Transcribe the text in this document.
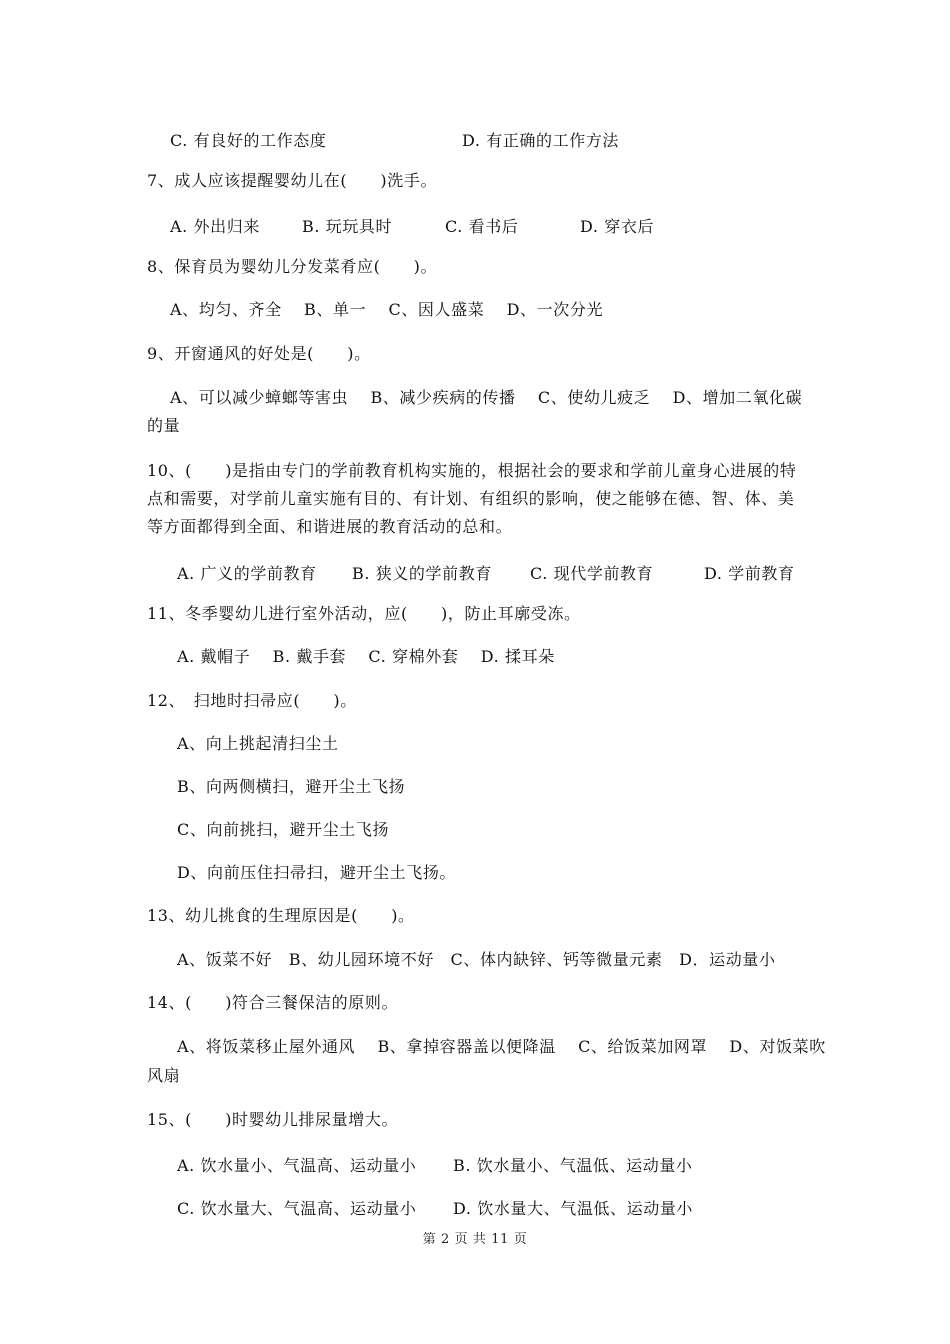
C. 有良好的工作态度	D. 有正确的工作方法
7、成人应该提醒婴幼儿在(　　)洗手。
A. 外出归来	B. 玩玩具时	C. 看书后	D. 穿衣后
8、保育员为婴幼儿分发菜肴应(　　)。
A、均匀、齐全　 B、单一　 C、因人盛菜　 D、一次分光
9、开窗通风的好处是(　　)。
A、可以减少蟑螂等害虫　 B、减少疾病的传播　 C、使幼儿疲乏　 D、增加二氧化碳
的量
10、(　　)是指由专门的学前教育机构实施的，根据社会的要求和学前儿童身心进展的特
点和需要，对学前儿童实施有目的、有计划、有组织的影响，使之能够在德、智、体、美
等方面都得到全面、和谐进展的教育活动的总和。
A. 广义的学前教育 B. 狭义的学前教育 C. 现代学前教育	D. 学前教育
11、冬季婴幼儿进行室外活动，应(　　)，防止耳廓受冻。
A. 戴帽子　 B. 戴手套　 C. 穿棉外套　 D. 揉耳朵
12、　扫地时扫帚应(　　)。
A、向上挑起清扫尘土
B、向两侧横扫，避开尘土飞扬
C、向前挑扫，避开尘土飞扬
D、向前压住扫帚扫，避开尘土飞扬。
13、幼儿挑食的生理原因是(　　)。
A、饭菜不好　B、幼儿园环境不好　C、体内缺锌、钙等微量元素　D．运动量小
14、(　　)符合三餐保洁的原则。
A、将饭菜移止屋外通风　 B、拿掉容器盖以便降温　 C、给饭菜加网罩　 D、对饭菜吹
风扇
15、(　　)时婴幼儿排尿量增大。
A. 饮水量小、气温高、运动量小 B. 饮水量小、气温低、运动量小
C. 饮水量大、气温高、运动量小 D. 饮水量大、气温低、运动量小
第 2 页 共 11 页
